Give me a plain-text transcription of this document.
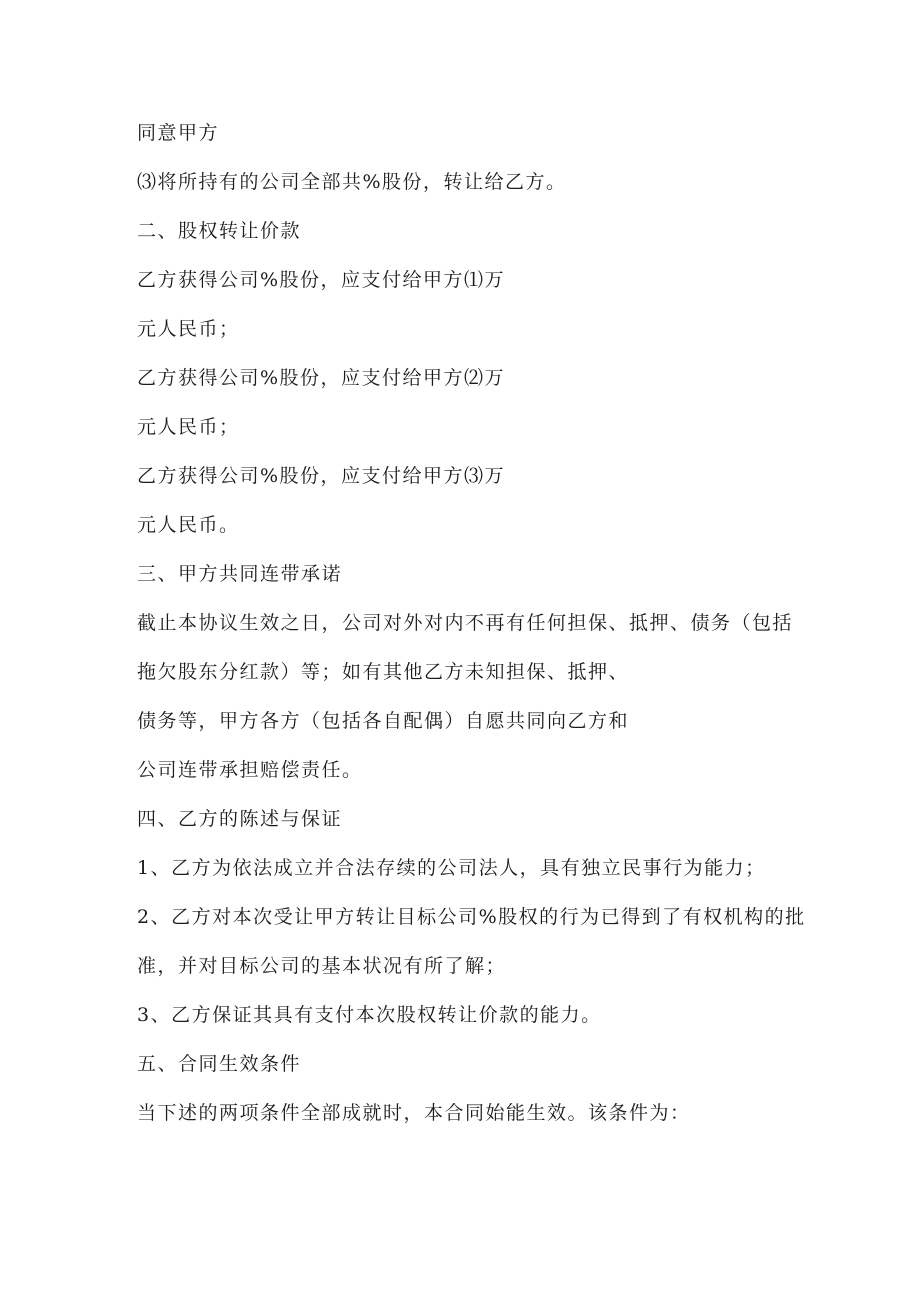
同意甲方
⑶将所持有的公司全部共%股份，转让给乙方。
二、股权转让价款
乙方获得公司%股份，应支付给甲方⑴万
元人民币；
乙方获得公司%股份，应支付给甲方⑵万
元人民币；
乙方获得公司%股份，应支付给甲方⑶万
元人民币。
三、甲方共同连带承诺
截止本协议生效之日，公司对外对内不再有任何担保、抵押、债务（包括
拖欠股东分红款）等；如有其他乙方未知担保、抵押、
债务等，甲方各方（包括各自配偶）自愿共同向乙方和
公司连带承担赔偿责任。
四、乙方的陈述与保证
1、乙方为依法成立并合法存续的公司法人，具有独立民事行为能力；
2、乙方对本次受让甲方转让目标公司%股权的行为已得到了有权机构的批
准，并对目标公司的基本状况有所了解；
3、乙方保证其具有支付本次股权转让价款的能力。
五、合同生效条件
当下述的两项条件全部成就时，本合同始能生效。该条件为：
